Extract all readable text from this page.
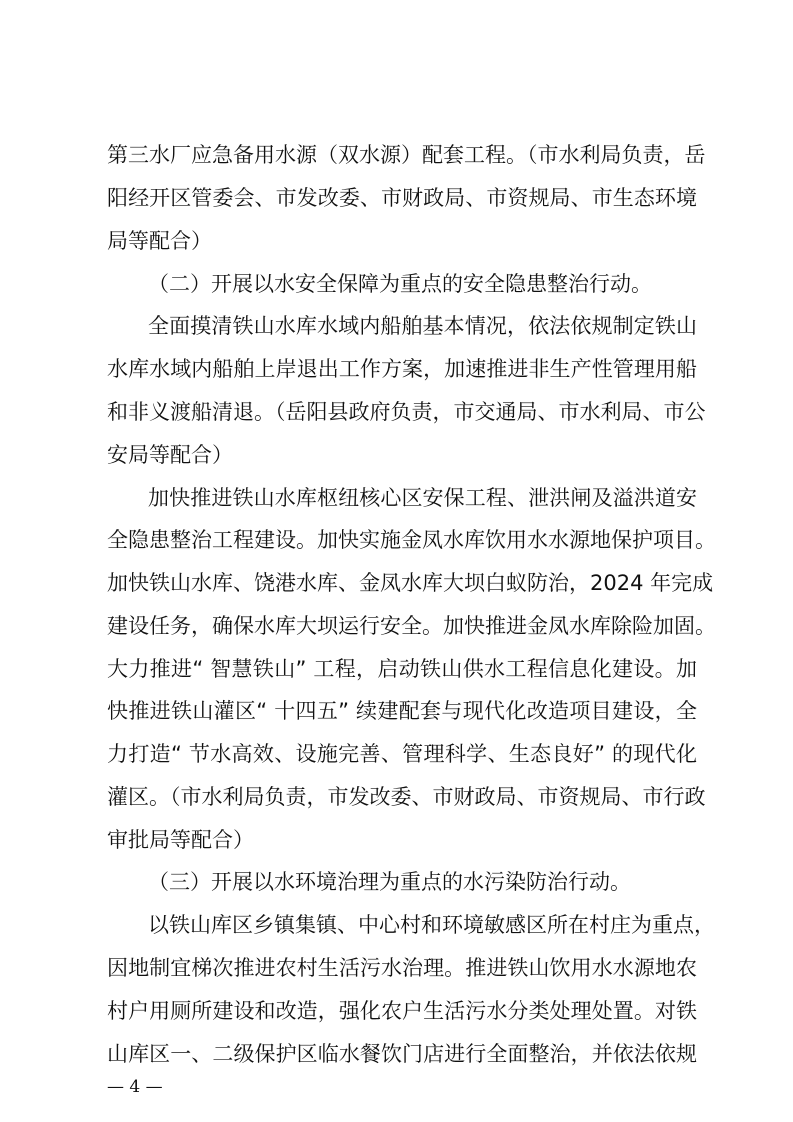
第三水厂应急备用水源（双水源）配套工程。（市水利局负责，岳
阳经开区管委会、市发改委、市财政局、市资规局、市生态环境
局等配合）
（二）开展以水安全保障为重点的安全隐患整治行动。
全面摸清铁山水库水域内船舶基本情况，依法依规制定铁山
水库水域内船舶上岸退出工作方案，加速推进非生产性管理用船
和非义渡船清退。（岳阳县政府负责，市交通局、市水利局、市公
安局等配合）
加快推进铁山水库枢纽核心区安保工程、泄洪闸及溢洪道安
全隐患整治工程建设。加快实施金凤水库饮用水水源地保护项目。
加快铁山水库、饶港水库、金凤水库大坝白蚁防治，2024 年完成
建设任务，确保水库大坝运行安全。加快推进金凤水库除险加固。
大力推进“ 智慧铁山” 工程，启动铁山供水工程信息化建设。加
快推进铁山灌区“ 十四五” 续建配套与现代化改造项目建设，全
力打造“ 节水高效、设施完善、管理科学、生态良好” 的现代化
灌区。（市水利局负责，市发改委、市财政局、市资规局、市行政
审批局等配合）
（三）开展以水环境治理为重点的水污染防治行动。
以铁山库区乡镇集镇、中心村和环境敏感区所在村庄为重点，
因地制宜梯次推进农村生活污水治理。推进铁山饮用水水源地农
村户用厕所建设和改造，强化农户生活污水分类处理处置。对铁
山库区一、二级保护区临水餐饮门店进行全面整治，并依法依规
— 4 —
